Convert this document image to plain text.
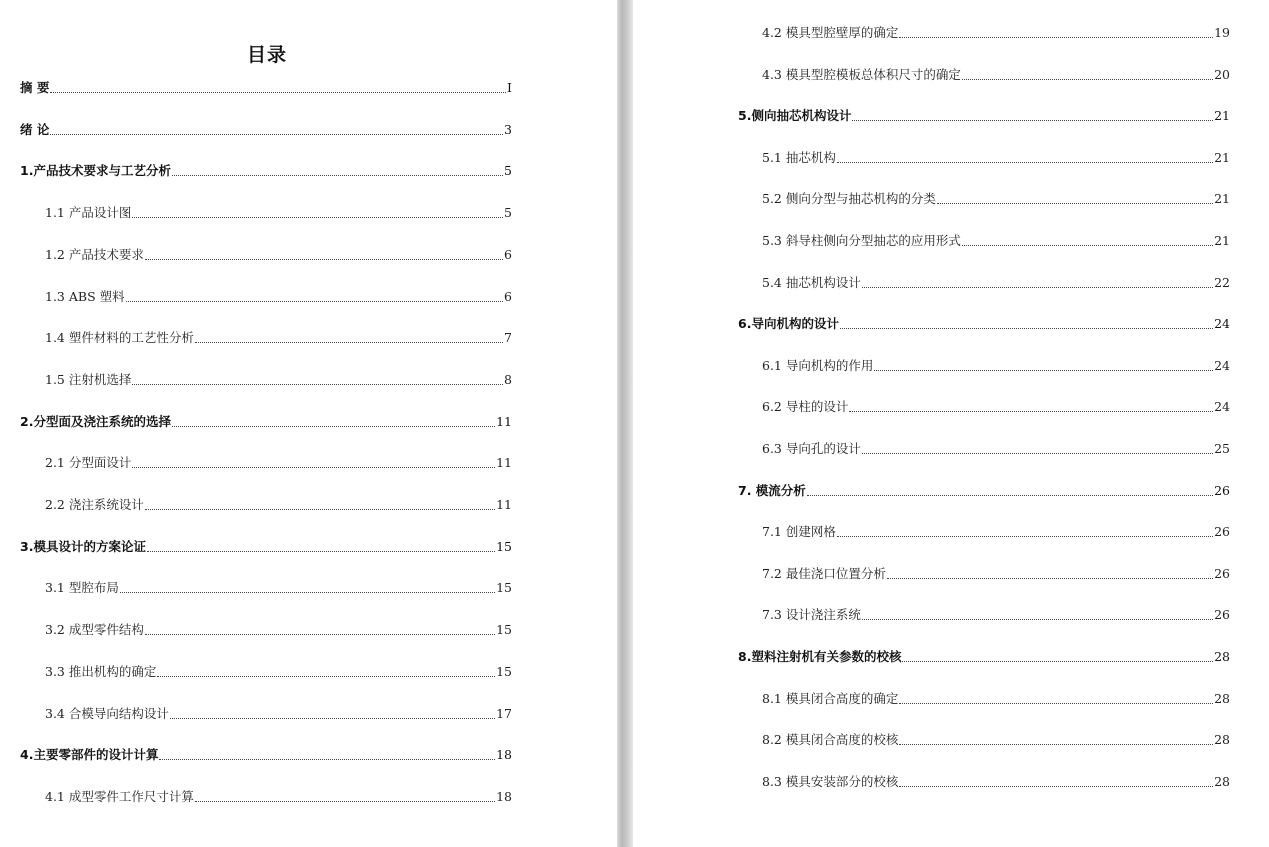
目录
摘 要	I
绪 论	3
1.产品技术要求与工艺分析	5
1.1 产品设计图	5
1.2 产品技术要求	6
1.3 ABS 塑料	6
1.4 塑件材料的工艺性分析	7
1.5 注射机选择	8
2.分型面及浇注系统的选择	11
2.1 分型面设计	11
2.2 浇注系统设计	11
3.模具设计的方案论证	15
3.1 型腔布局	15
3.2 成型零件结构	15
3.3 推出机构的确定	15
3.4 合模导向结构设计	17
4.主要零部件的设计计算	18
4.1 成型零件工作尺寸计算	18
4.2 模具型腔壁厚的确定	19
4.3 模具型腔模板总体积尺寸的确定	20
5.侧向抽芯机构设计	21
5.1 抽芯机构	21
5.2 侧向分型与抽芯机构的分类	21
5.3 斜导柱侧向分型抽芯的应用形式	21
5.4 抽芯机构设计	22
6.导向机构的设计	24
6.1 导向机构的作用	24
6.2 导柱的设计	24
6.3 导向孔的设计	25
7. 模流分析	26
7.1 创建网格	26
7.2 最佳浇口位置分析	26
7.3 设计浇注系统	26
8.塑料注射机有关参数的校核	28
8.1 模具闭合高度的确定	28
8.2 模具闭合高度的校核	28
8.3 模具安装部分的校核	28
